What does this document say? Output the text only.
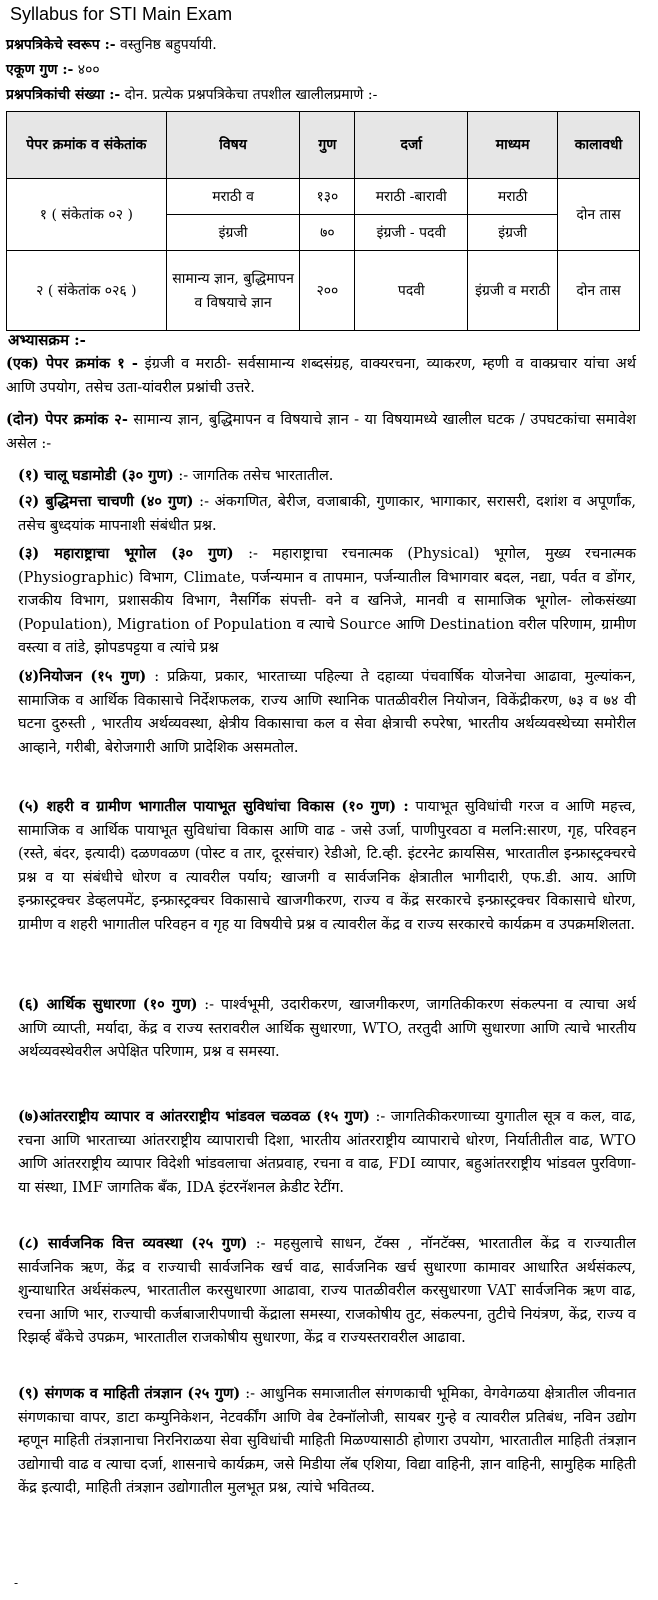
Syllabus for STI Main Exam
प्रश्नपत्रिकेचे स्वरूप :- वस्तुनिष्ठ बहुपर्यायी.
एकूण गुण :- ४००
प्रश्नपत्रिकांची संख्या :- दोन. प्रत्येक प्रश्नपत्रिकेचा तपशील खालीलप्रमाणे :-
पेपर क्रमांक व संकेतांक	विषय	गुण	दर्जा	माध्यम	कालावधी
१ ( संकेतांक ०२ )	मराठी व	१३०	मराठी -बारावी	मराठी	दोन तास
	इंग्रजी	७०	इंग्रजी - पदवी	इंग्रजी	
२ ( संकेतांक ०२६ )	सामान्य ज्ञान, बुद्धिमापन व विषयाचे ज्ञान	२००	पदवी	इंग्रजी व मराठी	दोन तास
अभ्यासक्रम :-
(एक) पेपर क्रमांक १ - इंग्रजी व मराठी- सर्वसामान्य शब्दसंग्रह, वाक्यरचना, व्याकरण, म्हणी व वाक्प्रचार यांचा अर्थ आणि उपयोग, तसेच उता-यांवरील प्रश्नांची उत्तरे.
(दोन) पेपर क्रमांक २- सामान्य ज्ञान, बुद्धिमापन व विषयाचे ज्ञान - या विषयामध्ये खालील घटक / उपघटकांचा समावेश असेल :-
(१) चालू घडामोडी (३० गुण) :- जागतिक तसेच भारतातील.
(२) बुद्धिमत्ता चाचणी (४० गुण) :- अंकगणित, बेरीज, वजाबाकी, गुणाकार, भागाकार, सरासरी, दशांश व अपूर्णांक, तसेच बुध्दयांक मापनाशी संबंधीत प्रश्न.
(३) महाराष्ट्राचा भूगोल (३० गुण) :- महाराष्ट्राचा रचनात्मक (Physical) भूगोल, मुख्य रचनात्मक (Physiographic) विभाग, Climate, पर्जन्यमान व तापमान, पर्जन्यातील विभागवार बदल, नद्या, पर्वत व डोंगर, राजकीय विभाग, प्रशासकीय विभाग, नैसर्गिक संपत्ती- वने व खनिजे, मानवी व सामाजिक भूगोल- लोकसंख्या (Population), Migration of Population व त्याचे Source आणि Destination वरील परिणाम, ग्रामीण वस्त्या व तांडे, झोपडपट्टया व त्यांचे प्रश्न
(४)नियोजन (१५ गुण) : प्रक्रिया, प्रकार, भारताच्या पहिल्या ते दहाव्या पंचवार्षिक योजनेचा आढावा, मुल्यांकन, सामाजिक व आर्थिक विकासाचे निर्देशफलक, राज्य आणि स्थानिक पातळीवरील नियोजन, विकेंद्रीकरण, ७३ व ७४ वी घटना दुरुस्ती , भारतीय अर्थव्यवस्था, क्षेत्रीय विकासाचा कल व सेवा क्षेत्राची रुपरेषा, भारतीय अर्थव्यवस्थेच्या समोरील आव्हाने, गरीबी, बेरोजगारी आणि प्रादेशिक असमतोल.
(५) शहरी व ग्रामीण भागातील पायाभूत सुविधांचा विकास (१० गुण) : पायाभूत सुविधांची गरज व आणि महत्त्व, सामाजिक व आर्थिक पायाभूत सुविधांचा विकास आणि वाढ - जसे उर्जा, पाणीपुरवठा व मलनि:सारण, गृह, परिवहन (रस्ते, बंदर, इत्यादी) दळणवळण (पोस्ट व तार, दूरसंचार) रेडीओ, टि.व्ही. इंटरनेट क्रायसिस, भारतातील इन्फ्रास्ट्रक्चरचे प्रश्न व या संबंधीचे धोरण व त्यावरील पर्याय; खाजगी व सार्वजनिक क्षेत्रातील भागीदारी, एफ.डी. आय. आणि इन्फ्रास्ट्रक्चर डेव्हलपमेंट, इन्फ्रास्ट्रक्चर विकासाचे खाजगीकरण, राज्य व केंद्र सरकारचे इन्फ्रास्ट्रक्चर विकासाचे धोरण, ग्रामीण व शहरी भागातील परिवहन व गृह या विषयीचे प्रश्न व त्यावरील केंद्र व राज्य सरकारचे कार्यक्रम व उपक्रमशिलता.
(६) आर्थिक सुधारणा (१० गुण) :- पार्श्वभूमी, उदारीकरण, खाजगीकरण, जागतिकीकरण संकल्पना व त्याचा अर्थ आणि व्याप्ती, मर्यादा, केंद्र व राज्य स्तरावरील आर्थिक सुधारणा, WTO, तरतुदी आणि सुधारणा आणि त्याचे भारतीय अर्थव्यवस्थेवरील अपेक्षित परिणाम, प्रश्न व समस्या.
(७)आंतरराष्ट्रीय व्यापार व आंतरराष्ट्रीय भांडवल चळवळ (१५ गुण) :- जागतिकीकरणाच्या युगातील सूत्र व कल, वाढ, रचना आणि भारताच्या आंतरराष्ट्रीय व्यापाराची दिशा, भारतीय आंतरराष्ट्रीय व्यापाराचे धोरण, निर्यातीतील वाढ, WTO आणि आंतरराष्ट्रीय व्यापार विदेशी भांडवलाचा अंतप्रवाह, रचना व वाढ, FDI व्यापार, बहुआंतरराष्ट्रीय भांडवल पुरविणा-या संस्था, IMF जागतिक बँक, IDA इंटरनॅशनल क्रेडीट रेटींग.
(८) सार्वजनिक वित्त व्यवस्था (२५ गुण) :- महसुलाचे साधन, टॅक्स , नॉनटॅक्स, भारतातील केंद्र व राज्यातील सार्वजनिक ऋण, केंद्र व राज्याची सार्वजनिक खर्च वाढ, सार्वजनिक खर्च सुधारणा कामावर आधारित अर्थसंकल्प, शुन्याधारित अर्थसंकल्प, भारतातील करसुधारणा आढावा, राज्य पातळीवरील करसुधारणा VAT सार्वजनिक ऋण वाढ, रचना आणि भार, राज्याची कर्जबाजारीपणाची केंद्राला समस्या, राजकोषीय तुट, संकल्पना, तुटीचे नियंत्रण, केंद्र, राज्य व रिझर्व्ह बँकेचे उपक्रम, भारतातील राजकोषीय सुधारणा, केंद्र व राज्यस्तरावरील आढावा.
(९) संगणक व माहिती तंत्रज्ञान (२५ गुण) :- आधुनिक समाजातील संगणकाची भूमिका, वेगवेगळया क्षेत्रातील जीवनात संगणकाचा वापर, डाटा कम्युनिकेशन, नेटवर्कींग आणि वेब टेक्नॉलोजी, सायबर गुन्हे व त्यावरील प्रतिबंध, नविन उद्योग म्हणून माहिती तंत्रज्ञानाचा निरनिराळया सेवा सुविधांची माहिती मिळण्यासाठी होणारा उपयोग, भारतातील माहिती तंत्रज्ञान उद्योगाची वाढ व त्याचा दर्जा, शासनाचे कार्यक्रम, जसे मिडीया लॅब एशिया, विद्या वाहिनी, ज्ञान वाहिनी, सामुहिक माहिती केंद्र इत्यादी, माहिती तंत्रज्ञान उद्योगातील मुलभूत प्रश्न, त्यांचे भवितव्य.
-
